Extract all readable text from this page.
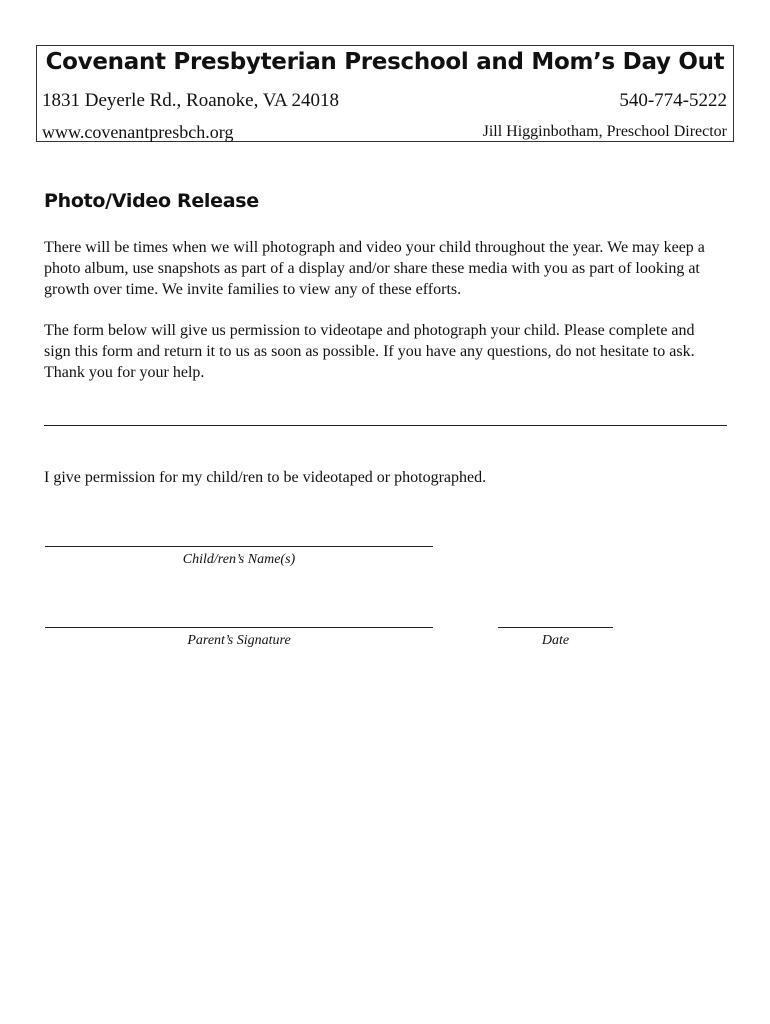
Covenant Presbyterian Preschool and Mom’s Day Out
1831 Deyerle Rd., Roanoke, VA 24018	540-774-5222
www.covenantpresbch.org	Jill Higginbotham, Preschool Director
Photo/Video Release

There will be times when we will photograph and video your child throughout the year. We may keep a photo album, use snapshots as part of a display and/or share these media with you as part of looking at growth over time. We invite families to view any of these efforts.

The form below will give us permission to videotape and photograph your child. Please complete and sign this form and return it to us as soon as possible. If you have any questions, do not hesitate to ask. Thank you for your help.

I give permission for my child/ren to be videotaped or photographed.
Child/ren’s Name(s)
Parent’s Signature	Date
